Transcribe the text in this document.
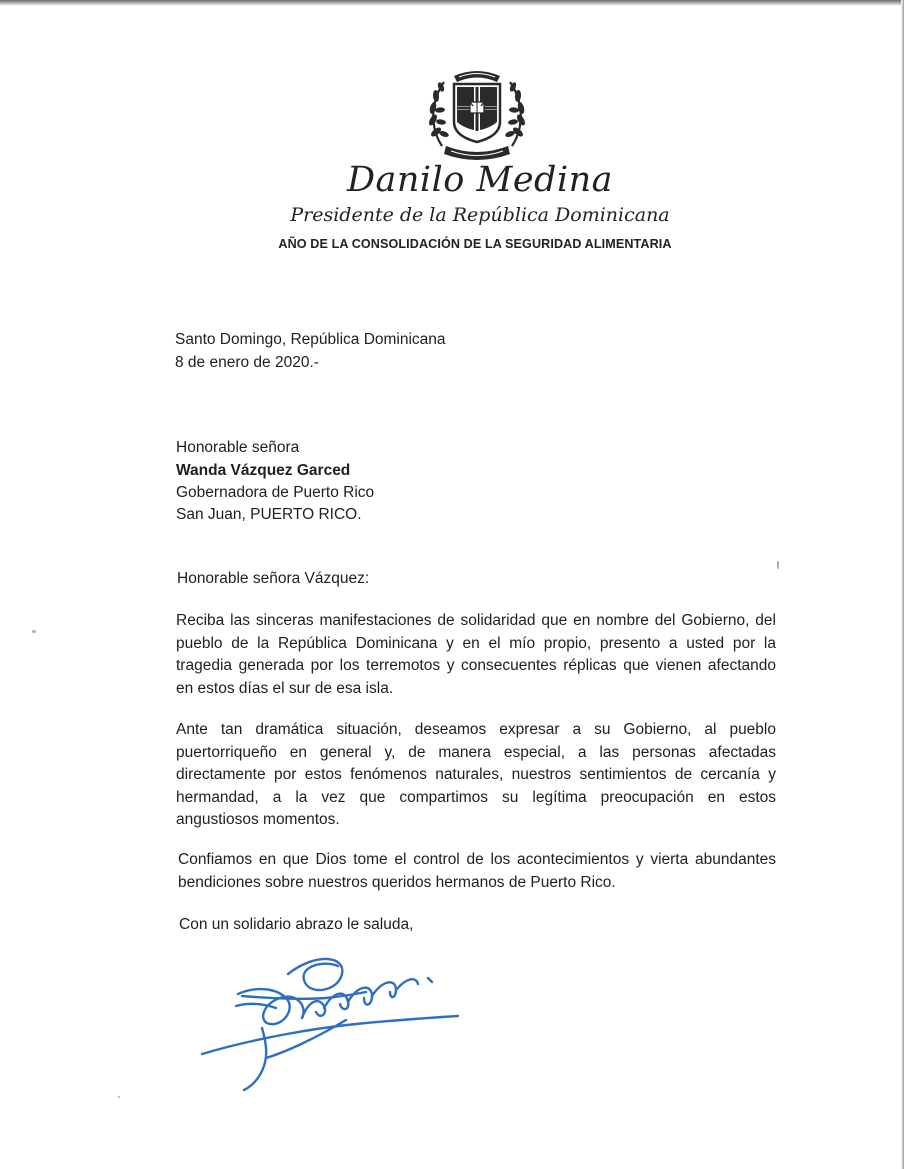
Danilo Medina
Presidente de la República Dominicana
AÑO DE LA CONSOLIDACIÓN DE LA SEGURIDAD ALIMENTARIA
Santo Domingo, República Dominicana
8 de enero de 2020.-
Honorable señora
Wanda Vázquez Garced
Gobernadora de Puerto Rico
San Juan, PUERTO RICO.
Honorable señora Vázquez:
Reciba las sinceras manifestaciones de solidaridad que en nombre del Gobierno, del
pueblo de la República Dominicana y en el mío propio, presento a usted por la
tragedia generada por los terremotos y consecuentes réplicas que vienen afectando
en estos días el sur de esa isla.
Ante tan dramática situación, deseamos expresar a su Gobierno, al pueblo
puertorriqueño en general y, de manera especial, a las personas afectadas
directamente por estos fenómenos naturales, nuestros sentimientos de cercanía y
hermandad, a la vez que compartimos su legítima preocupación en estos
angustiosos momentos.
Confiamos en que Dios tome el control de los acontecimientos y vierta abundantes
bendiciones sobre nuestros queridos hermanos de Puerto Rico.
Con un solidario abrazo le saluda,
